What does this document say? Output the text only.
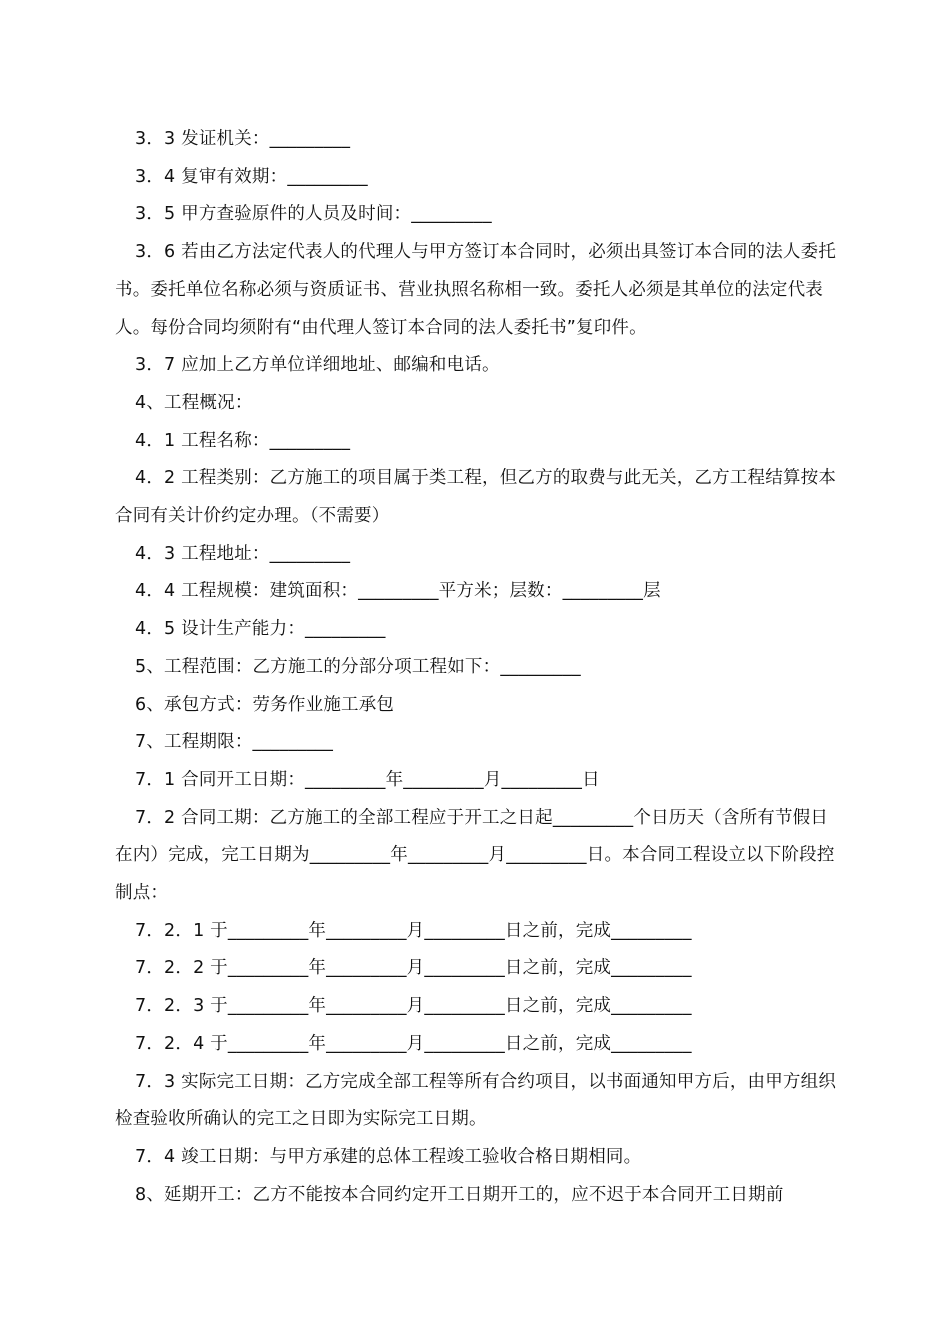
3．3 发证机关：_________

3．4 复审有效期：_________

3．5 甲方查验原件的人员及时间：_________

3．6 若由乙方法定代表人的代理人与甲方签订本合同时，必须出具签订本合同的法人委托书。委托单位名称必须与资质证书、营业执照名称相一致。委托人必须是其单位的法定代表人。每份合同均须附有“由代理人签订本合同的法人委托书”复印件。

3．7 应加上乙方单位详细地址、邮编和电话。

4、工程概况：

4．1 工程名称：_________

4．2 工程类别：乙方施工的项目属于类工程，但乙方的取费与此无关，乙方工程结算按本合同有关计价约定办理。（不需要）

4．3 工程地址：_________

4．4 工程规模：建筑面积：_________平方米；层数：_________层

4．5 设计生产能力：_________

5、工程范围：乙方施工的分部分项工程如下：_________

6、承包方式：劳务作业施工承包

7、工程期限：_________

7．1 合同开工日期：_________年_________月_________日

7．2 合同工期：乙方施工的全部工程应于开工之日起_________个日历天（含所有节假日在内）完成，完工日期为_________年_________月_________日。本合同工程设立以下阶段控制点：

7．2．1 于_________年_________月_________日之前，完成_________

7．2．2 于_________年_________月_________日之前，完成_________

7．2．3 于_________年_________月_________日之前，完成_________

7．2．4 于_________年_________月_________日之前，完成_________

7．3 实际完工日期：乙方完成全部工程等所有合约项目，以书面通知甲方后，由甲方组织检查验收所确认的完工之日即为实际完工日期。

7．4 竣工日期：与甲方承建的总体工程竣工验收合格日期相同。

8、延期开工：乙方不能按本合同约定开工日期开工的，应不迟于本合同开工日期前
